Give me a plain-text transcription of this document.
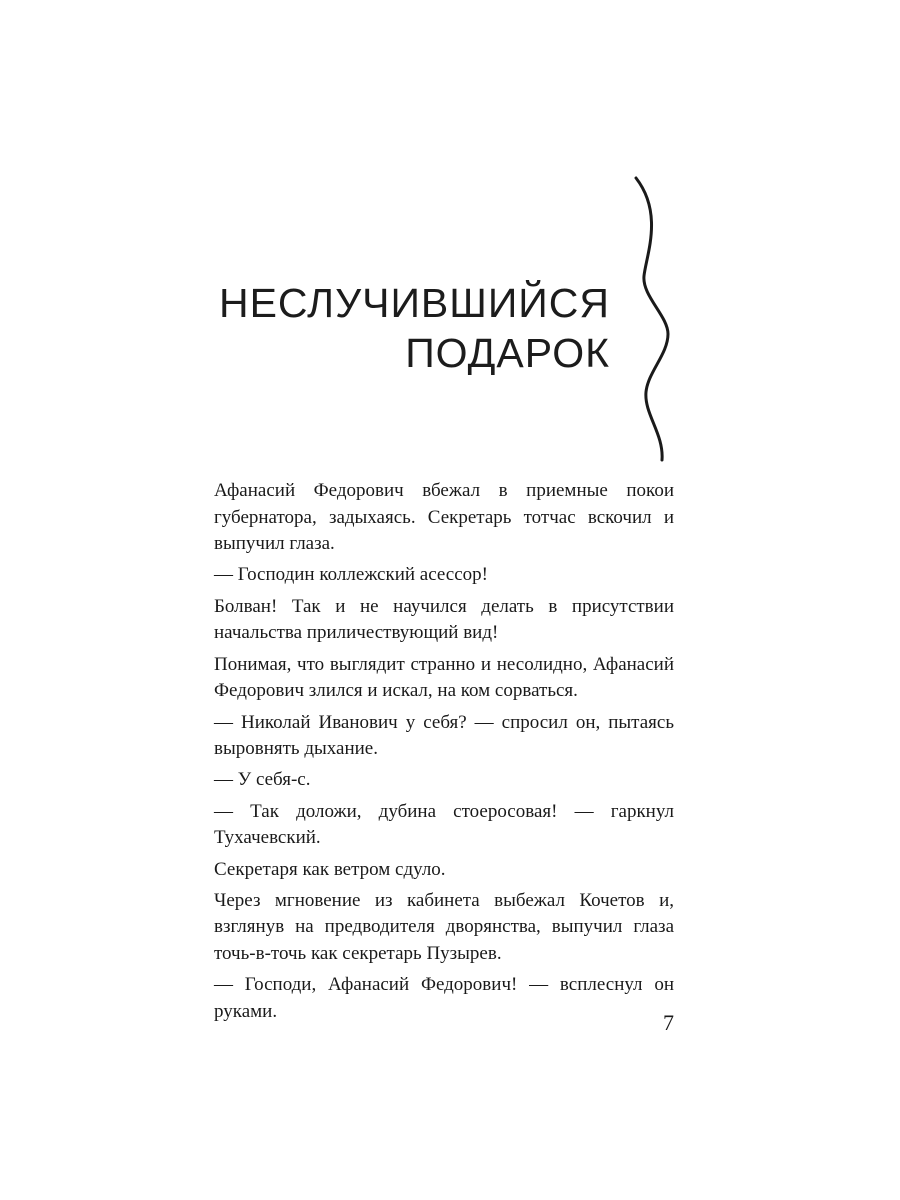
НЕСЛУЧИВШИЙСЯ
ПОДАРОК

Афанасий Федорович вбежал в приемные покои губернатора, задыхаясь. Секретарь тотчас вскочил и выпучил глаза.

— Господин коллежский асессор!

Болван! Так и не научился делать в присутствии начальства приличествующий вид!

Понимая, что выглядит странно и несолидно, Афанасий Федорович злился и искал, на ком сорваться.

— Николай Иванович у себя? — спросил он, пытаясь выровнять дыхание.

— У себя-с.

— Так доложи, дубина стоеросовая! — гаркнул Тухачевский.

Секретаря как ветром сдуло.

Через мгновение из кабинета выбежал Кочетов и, взглянув на предводителя дворянства, выпучил глаза точь-в-точь как секретарь Пузырев.

— Господи, Афанасий Федорович! — всплеснул он руками.	7
